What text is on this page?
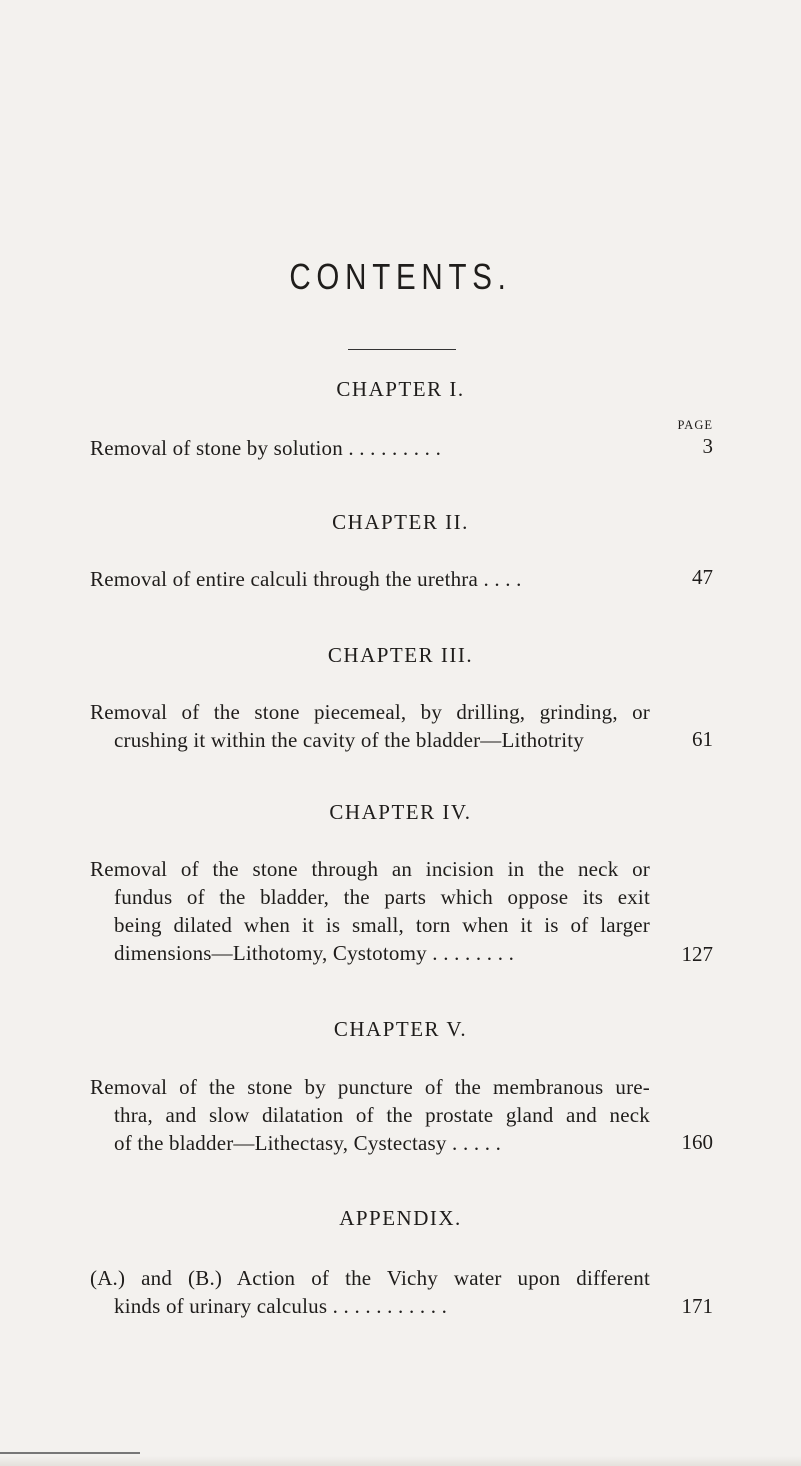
CONTENTS.
CHAPTER I.
PAGE
Removal of stone by solution . . . . . . . . .	3
CHAPTER II.
Removal of entire calculi through the urethra . . . .	47
CHAPTER III.
Removal of the stone piecemeal, by drilling, grinding, or
crushing it within the cavity of the bladder—Lithotrity	61
CHAPTER IV.
Removal of the stone through an incision in the neck or
fundus of the bladder, the parts which oppose its exit
being dilated when it is small, torn when it is of larger
dimensions—Lithotomy, Cystotomy . . . . . . . .	127
CHAPTER V.
Removal of the stone by puncture of the membranous ure-
thra, and slow dilatation of the prostate gland and neck
of the bladder—Lithectasy, Cystectasy . . . . .	160
APPENDIX.
(A.) and (B.) Action of the Vichy water upon different
kinds of urinary calculus . . . . . . . . . . .	171
